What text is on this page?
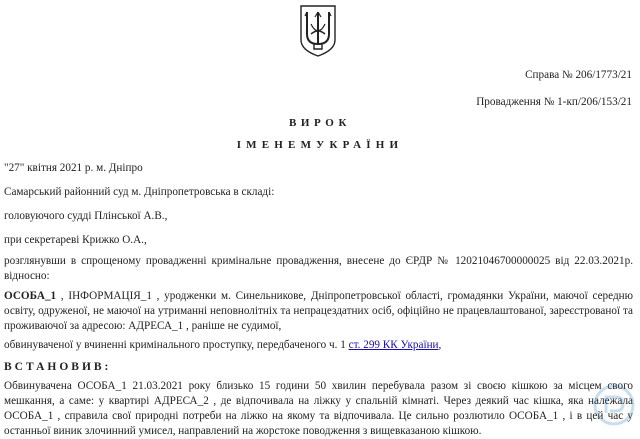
Справа № 206/1773/21
Провадження № 1-кп/206/153/21
ВИРОК
ІМЕНЕМУКРАЇНИ
"27" квітня 2021 р. м. Дніпро
Самарський районний суд м. Дніпропетровська в складі:
головуючого судді Плінської А.В.,
при секретареві Крижко О.А.,
розглянувши в спрощеному провадженні кримінальне провадження, внесене до ЄРДР № 12021046700000025 від 22.03.2021р. відносно:
ОСОБА_1 , ІНФОРМАЦІЯ_1 , уродженки м. Синельникове, Дніпропетровської області, громадянки України, маючої середню освіту, одруженої, не маючої на утриманні неповнолітніх та непрацездатних осіб, офіційно не працевлаштованої, зареєстрованої та проживаючої за адресою: АДРЕСА_1 , раніше не судимої,
обвинуваченої у вчиненні кримінального проступку, передбаченого ч. 1 ст. 299 КК України,
ВСТАНОВИВ:
Обвинувачена ОСОБА_1 21.03.2021 року близько 15 години 50 хвилин перебувала разом зі своєю кішкою за місцем свого мешкання, а саме: у квартирі АДРЕСА_2 , де відпочивала на ліжку у спальній кімнаті. Через деякий час кішка, яка належала ОСОБА_1 , справила свої природні потреби на ліжко на якому та відпочивала. Це сильно розлютило ОСОБА_1 , і в цей час у останньої виник злочинний умисел, направлений на жорстоке поводження з вищевказаною кішкою.
